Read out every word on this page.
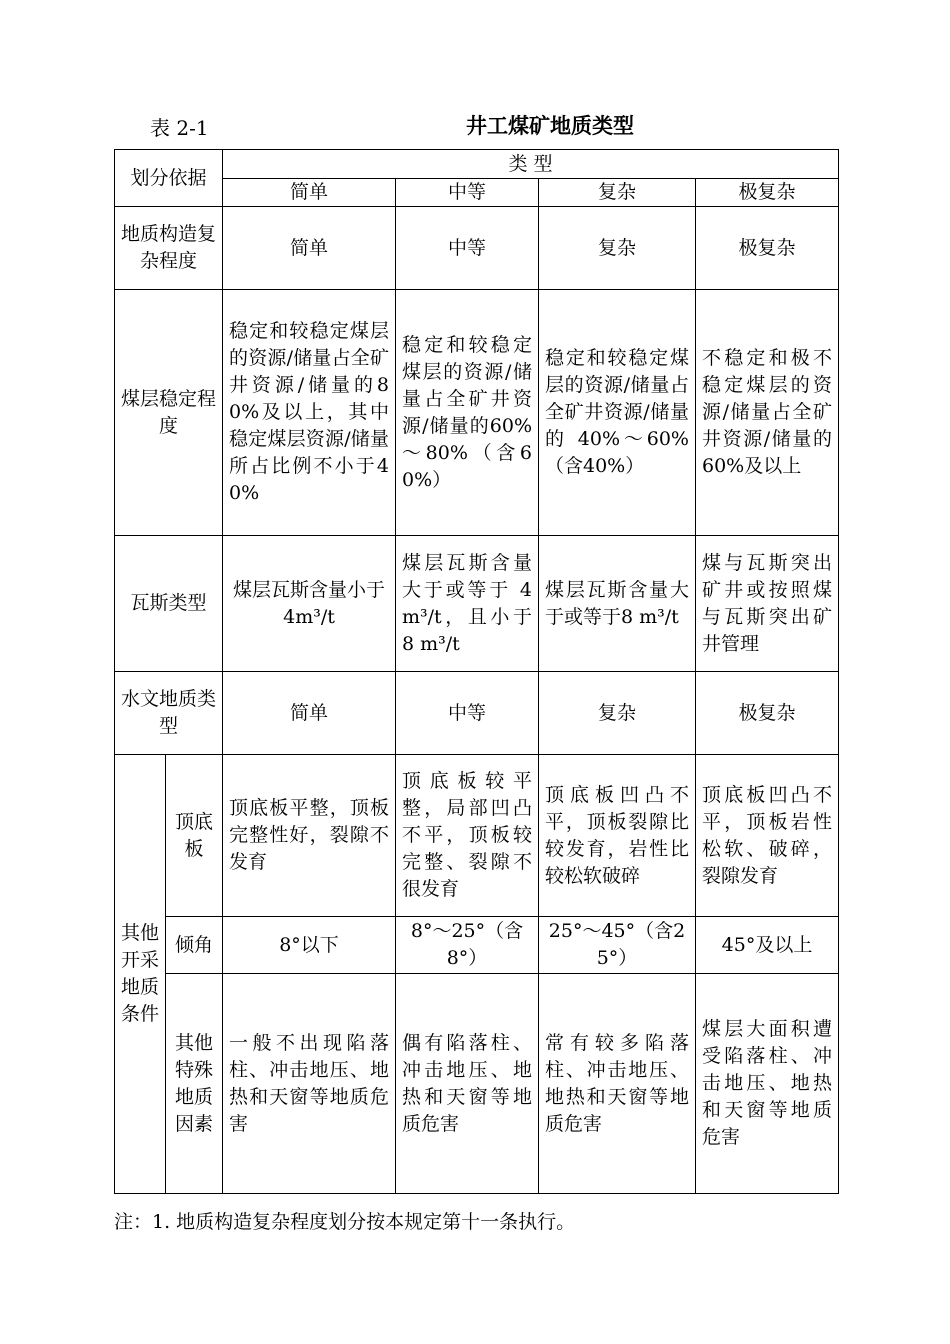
表 2-1	井工煤矿地质类型
划分依据		类 型			
		简单	中等	复杂	极复杂
地质构造复杂程度		简单	中等	复杂	极复杂
煤层稳定程度		稳定和较稳定煤层的资源/储量占全矿井资源/储量的80%及以上，其中稳定煤层资源/储量所占比例不小于40%	稳定和较稳定煤层的资源/储量占全矿井资源/储量的60%～80%（含60%）	稳定和较稳定煤层的资源/储量占全矿井资源/储量的 40%～60% （含40%）	不稳定和极不稳定煤层的资源/储量占全矿井资源/储量的 60%及以上
瓦斯类型		煤层瓦斯含量小于4m³/t	煤层瓦斯含量大于或等于 4m³/t，且小于 8 m³/t	煤层瓦斯含量大于或等于8 m³/t	煤与瓦斯突出矿井或按照煤与瓦斯突出矿井管理
水文地质类型		简单	中等	复杂	极复杂
其他开采地质条件	顶底板	顶底板平整，顶板完整性好，裂隙不发育	顶底板较平整，局部凹凸不平，顶板较完整、裂隙不很发育	顶底板凹凸不平，顶板裂隙比较发育，岩性比较松软破碎	顶底板凹凸不平，顶板岩性松软、破碎，裂隙发育
	倾角	8°以下	8°～25°（含8°）	25°～45°（含25°）	45°及以上
	其他特殊地质因素	一般不出现陷落柱、冲击地压、地热和天窗等地质危害	偶有陷落柱、冲击地压、地热和天窗等地质危害	常有较多陷落柱、冲击地压、地热和天窗等地质危害	煤层大面积遭受陷落柱、冲击地压、地热和天窗等地质危害
注：1. 地质构造复杂程度划分按本规定第十一条执行。
